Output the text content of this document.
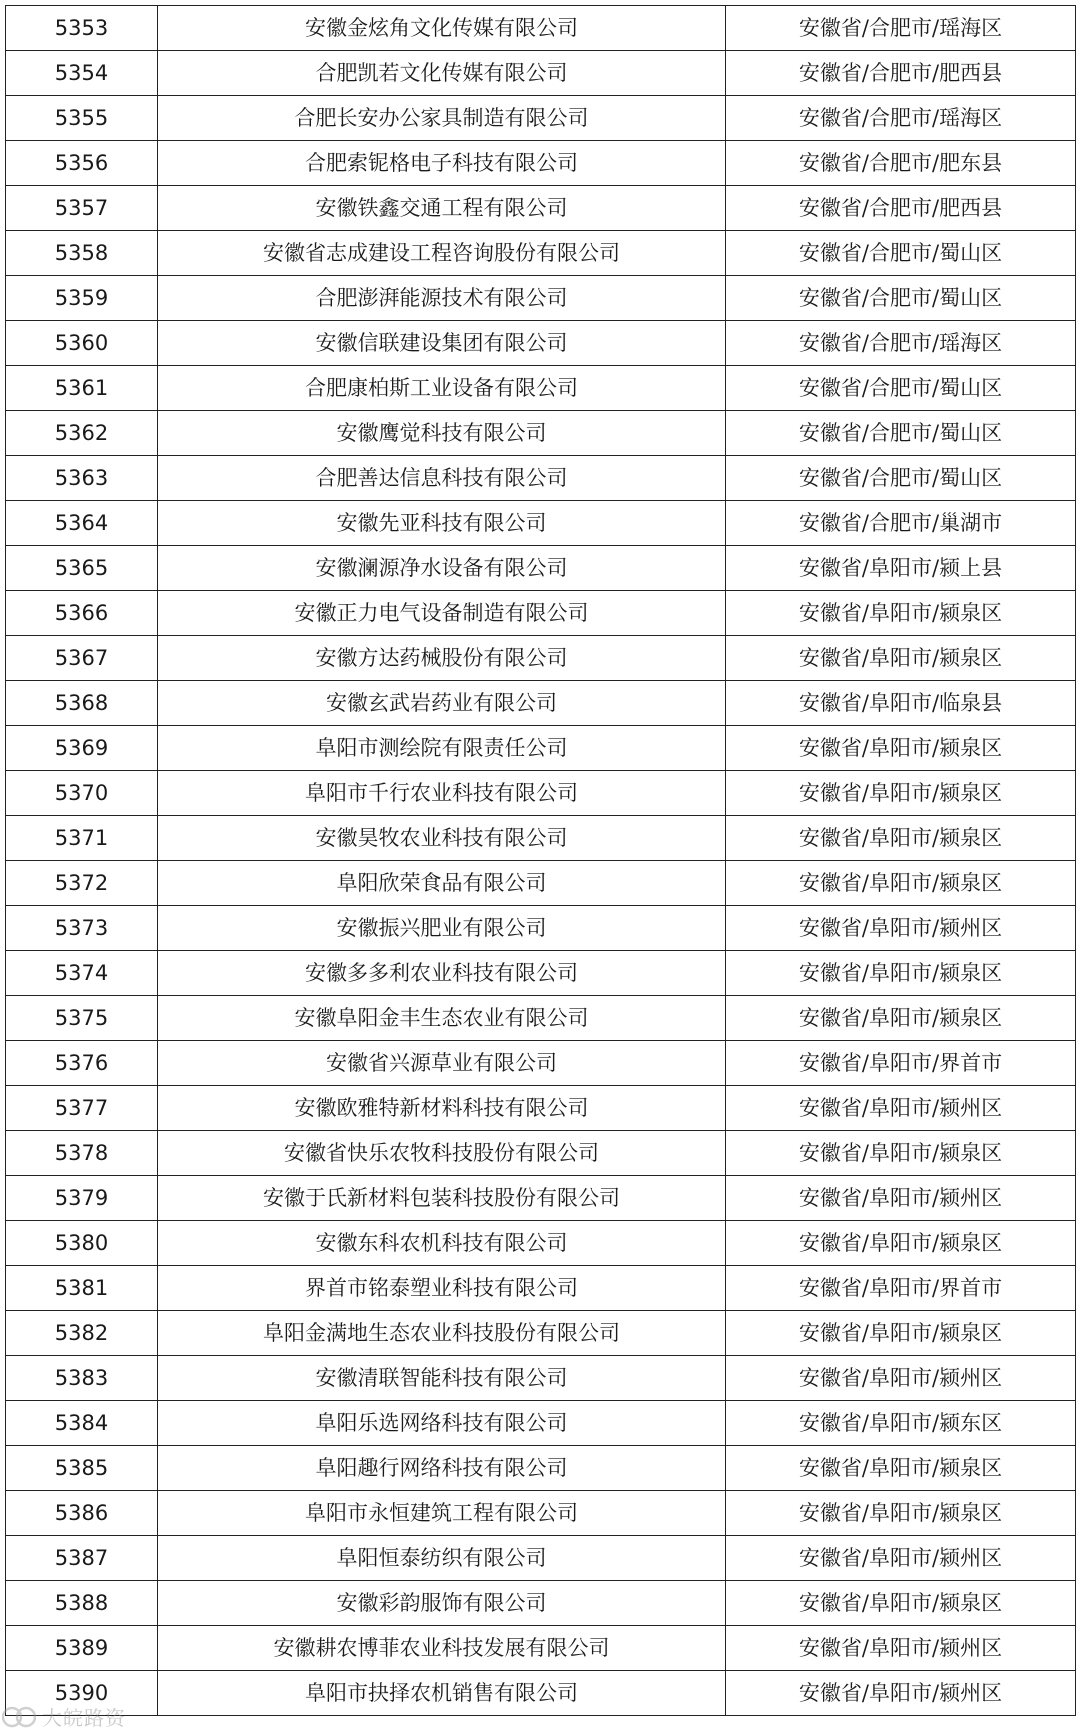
5353	安徽金炫角文化传媒有限公司	安徽省/合肥市/瑶海区
5354	合肥凯若文化传媒有限公司	安徽省/合肥市/肥西县
5355	合肥长安办公家具制造有限公司	安徽省/合肥市/瑶海区
5356	合肥索铌格电子科技有限公司	安徽省/合肥市/肥东县
5357	安徽铁鑫交通工程有限公司	安徽省/合肥市/肥西县
5358	安徽省志成建设工程咨询股份有限公司	安徽省/合肥市/蜀山区
5359	合肥澎湃能源技术有限公司	安徽省/合肥市/蜀山区
5360	安徽信联建设集团有限公司	安徽省/合肥市/瑶海区
5361	合肥康柏斯工业设备有限公司	安徽省/合肥市/蜀山区
5362	安徽鹰觉科技有限公司	安徽省/合肥市/蜀山区
5363	合肥善达信息科技有限公司	安徽省/合肥市/蜀山区
5364	安徽先亚科技有限公司	安徽省/合肥市/巢湖市
5365	安徽澜源净水设备有限公司	安徽省/阜阳市/颍上县
5366	安徽正力电气设备制造有限公司	安徽省/阜阳市/颍泉区
5367	安徽方达药械股份有限公司	安徽省/阜阳市/颍泉区
5368	安徽玄武岩药业有限公司	安徽省/阜阳市/临泉县
5369	阜阳市测绘院有限责任公司	安徽省/阜阳市/颍泉区
5370	阜阳市千行农业科技有限公司	安徽省/阜阳市/颍泉区
5371	安徽昊牧农业科技有限公司	安徽省/阜阳市/颍泉区
5372	阜阳欣荣食品有限公司	安徽省/阜阳市/颍泉区
5373	安徽振兴肥业有限公司	安徽省/阜阳市/颍州区
5374	安徽多多利农业科技有限公司	安徽省/阜阳市/颍泉区
5375	安徽阜阳金丰生态农业有限公司	安徽省/阜阳市/颍泉区
5376	安徽省兴源草业有限公司	安徽省/阜阳市/界首市
5377	安徽欧雅特新材料科技有限公司	安徽省/阜阳市/颍州区
5378	安徽省快乐农牧科技股份有限公司	安徽省/阜阳市/颍泉区
5379	安徽于氏新材料包装科技股份有限公司	安徽省/阜阳市/颍州区
5380	安徽东科农机科技有限公司	安徽省/阜阳市/颍泉区
5381	界首市铭泰塑业科技有限公司	安徽省/阜阳市/界首市
5382	阜阳金满地生态农业科技股份有限公司	安徽省/阜阳市/颍泉区
5383	安徽清联智能科技有限公司	安徽省/阜阳市/颍州区
5384	阜阳乐选网络科技有限公司	安徽省/阜阳市/颍东区
5385	阜阳趣行网络科技有限公司	安徽省/阜阳市/颍泉区
5386	阜阳市永恒建筑工程有限公司	安徽省/阜阳市/颍泉区
5387	阜阳恒泰纺织有限公司	安徽省/阜阳市/颍州区
5388	安徽彩韵服饰有限公司	安徽省/阜阳市/颍泉区
5389	安徽耕农博菲农业科技发展有限公司	安徽省/阜阳市/颍州区
5390	阜阳市抉择农机销售有限公司	安徽省/阜阳市/颍州区
大皖路资
